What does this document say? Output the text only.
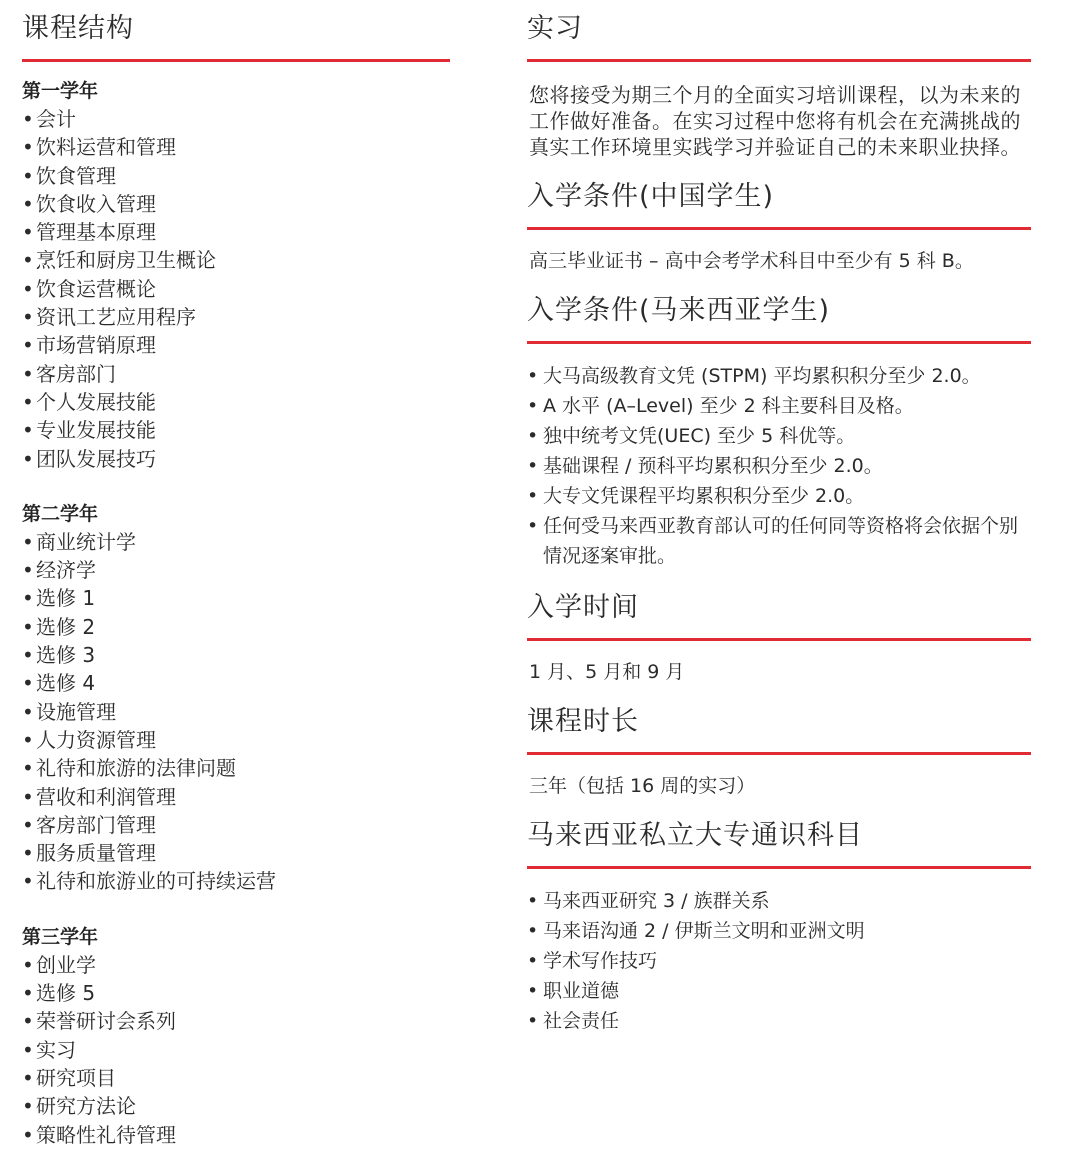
课程结构
第一学年
• 会计
• 饮料运营和管理
• 饮食管理
• 饮食收入管理
• 管理基本原理
• 烹饪和厨房卫生概论
• 饮食运营概论
• 资讯工艺应用程序
• 市场营销原理
• 客房部门
• 个人发展技能
• 专业发展技能
• 团队发展技巧
第二学年
• 商业统计学
• 经济学
• 选修 1
• 选修 2
• 选修 3
• 选修 4
• 设施管理
• 人力资源管理
• 礼待和旅游的法律问题
• 营收和利润管理
• 客房部门管理
• 服务质量管理
• 礼待和旅游业的可持续运营
第三学年
• 创业学
• 选修 5
• 荣誉研讨会系列
• 实习
• 研究项目
• 研究方法论
• 策略性礼待管理
实习

您将接受为期三个月的全面实习培训课程，以为未来的工作做好准备。在实习过程中您将有机会在充满挑战的真实工作环境里实践学习并验证自己的未来职业抉择。

入学条件(中国学生)

高三毕业证书 – 高中会考学术科目中至少有 5 科 B。

入学条件(马来西亚学生)
• 大马高级教育文凭 (STPM) 平均累积积分至少 2.0。
• A 水平 (A–Level) 至少 2 科主要科目及格。
• 独中统考文凭(UEC) 至少 5 科优等。
• 基础课程 / 预科平均累积积分至少 2.0。
• 大专文凭课程平均累积积分至少 2.0。
• 任何受马来西亚教育部认可的任何同等资格将会依据个别情况逐案审批。
入学时间

1 月、5 月和 9 月

课程时长

三年（包括 16 周的实习）

马来西亚私立大专通识科目
• 马来西亚研究 3 / 族群关系
• 马来语沟通 2 / 伊斯兰文明和亚洲文明
• 学术写作技巧
• 职业道德
• 社会责任
